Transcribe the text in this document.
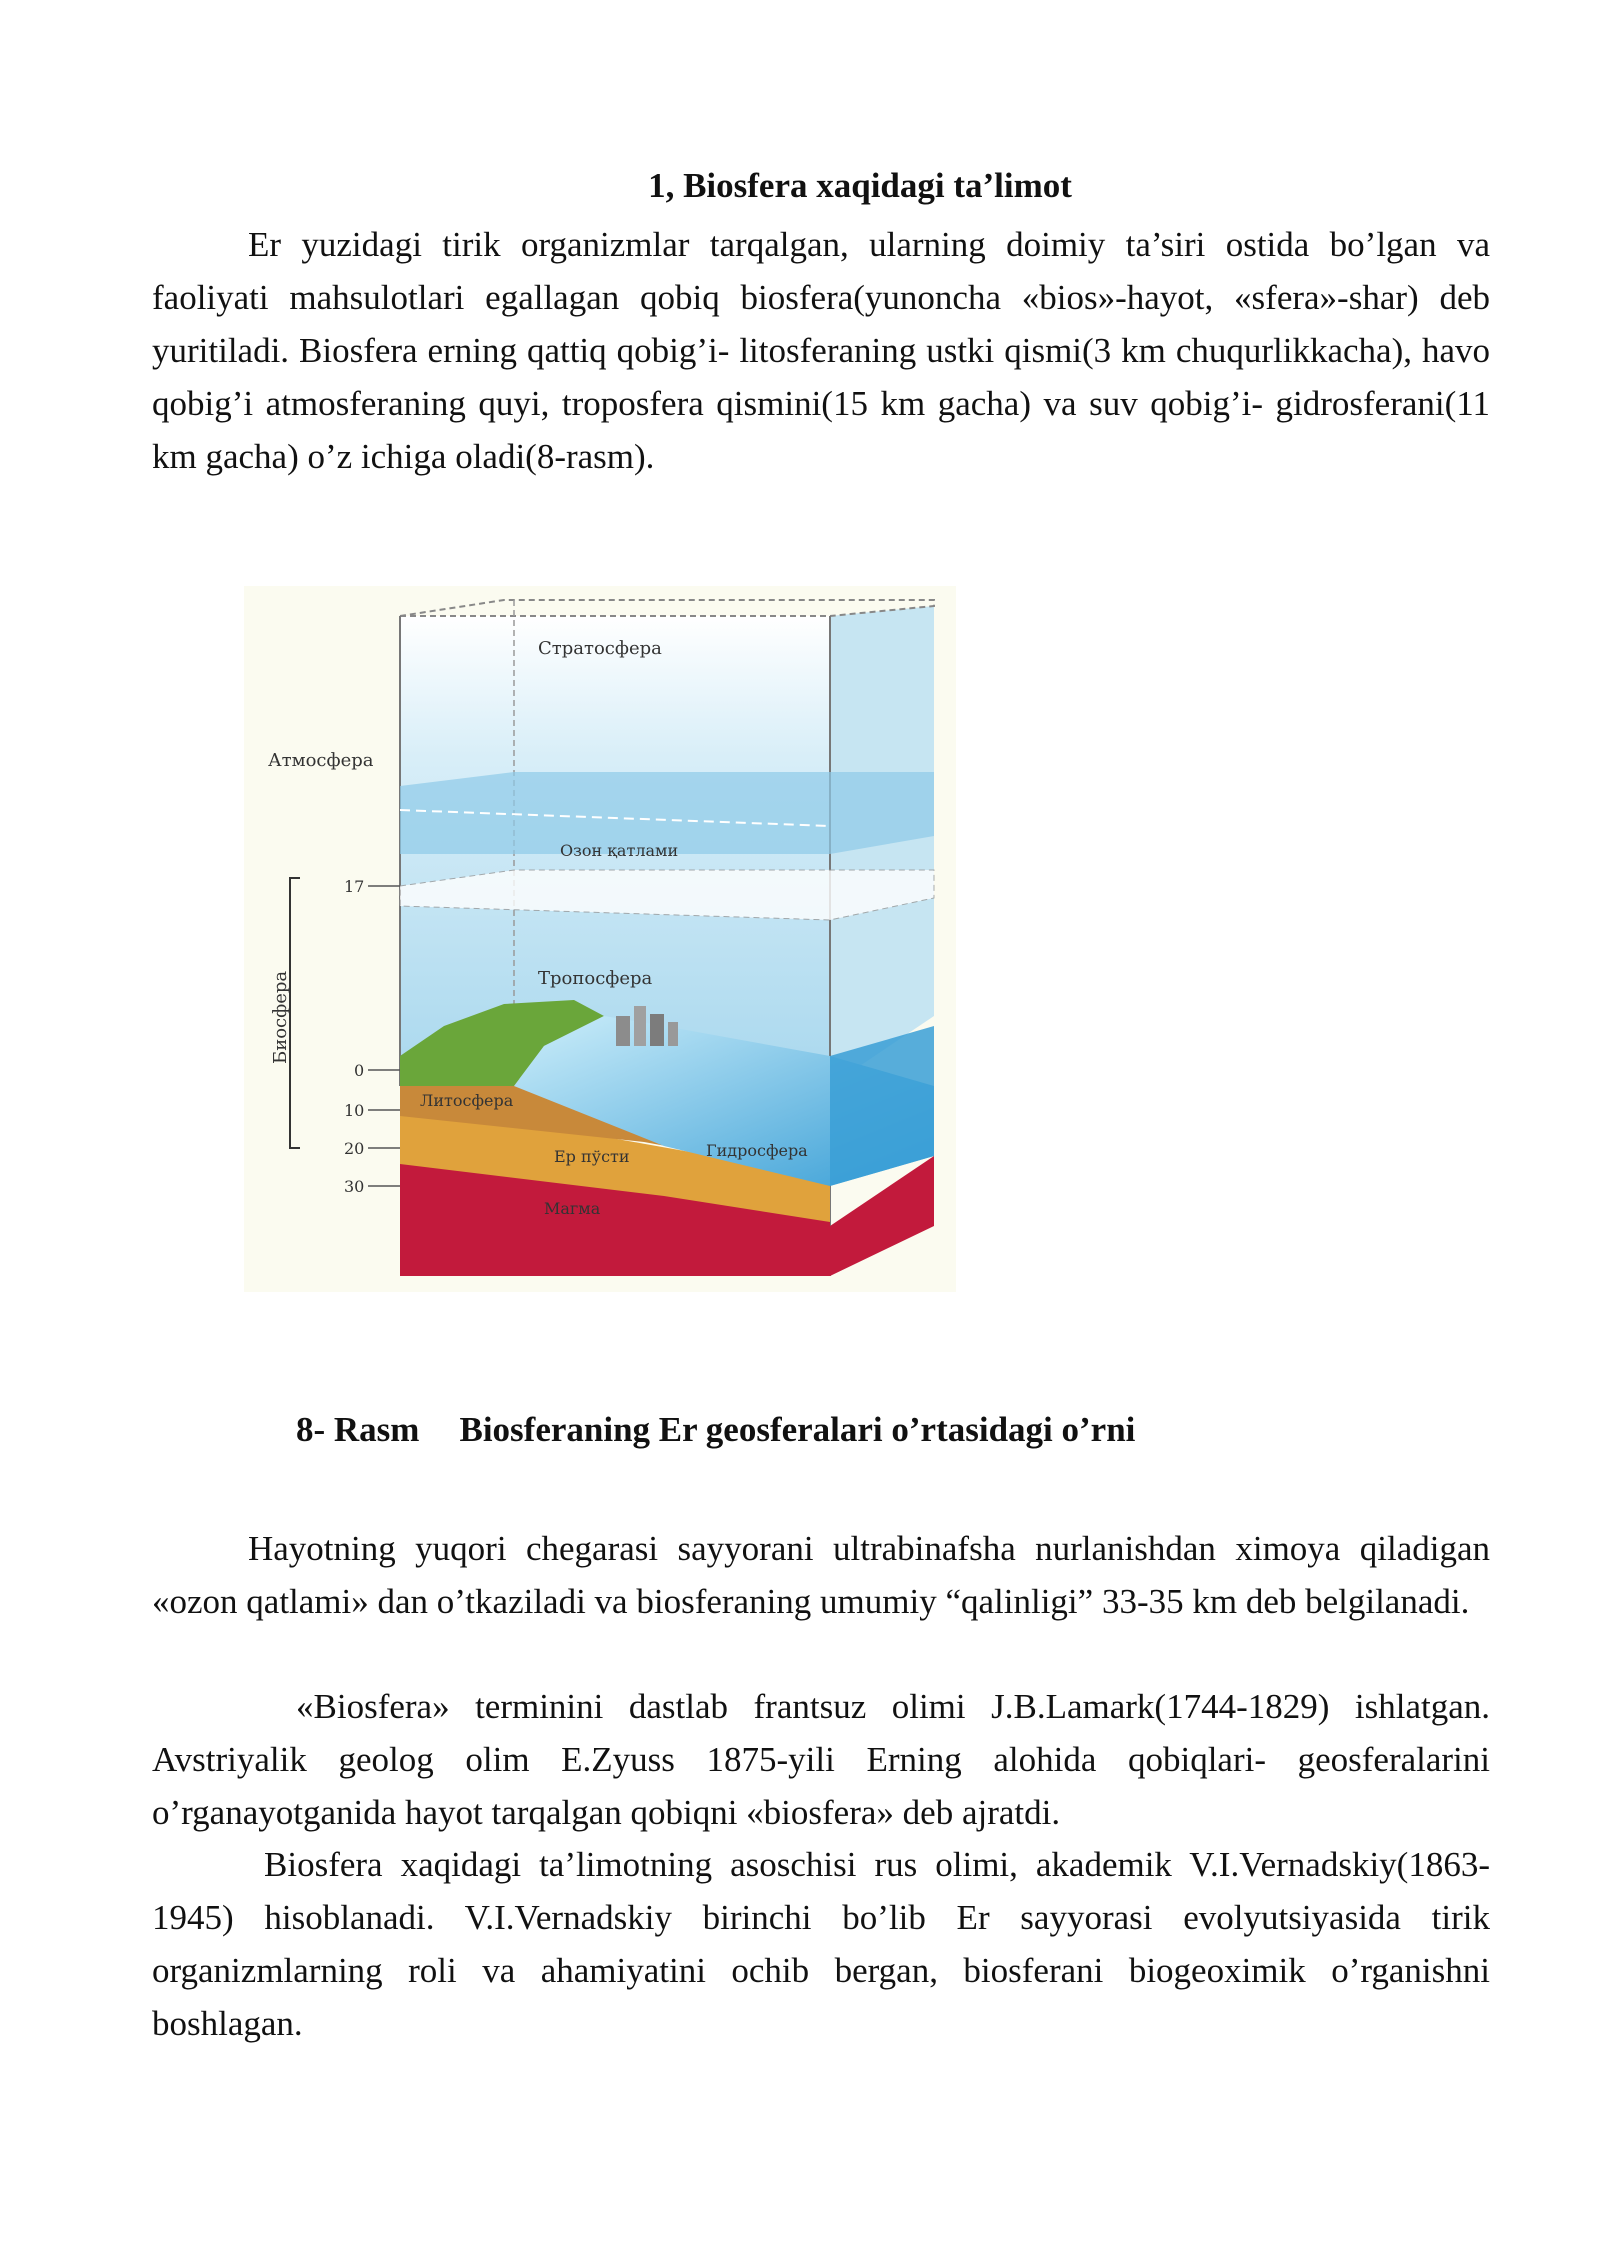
1, Biosfera xaqidagi ta’limot
Er yuzidagi tirik organizmlar tarqalgan, ularning doimiy ta’siri ostida bo’lgan va faoliyati mahsulotlari egallagan qobiq biosfera(yunoncha «bios»-hayot, «sfera»-shar) deb yuritiladi. Biosfera erning qattiq qobig’i- litosferaning ustki qismi(3 km chuqurlikkacha), havo qobig’i atmosferaning quyi, troposfera qismini(15 km gacha) va suv qobig’i- gidrosferani(11 km gacha) o’z ichiga oladi(8-rasm).
Стратосфера
Атмосфера
Озон қатлами
Тропосфера
Биосфера
Литосфера
Ер пўсти	Гидросфера
Магма
17
0
10
20
30
8- Rasm Biosferaning Er geosferalari o’rtasidagi o’rni
Hayotning yuqori chegarasi sayyorani ultrabinafsha nurlanishdan ximoya qiladigan «ozon qatlami» dan o’tkaziladi va biosferaning umumiy “qalinligi” 33-35 km deb belgilanadi.
«Biosfera» terminini dastlab frantsuz olimi J.B.Lamark(1744-1829) ishlatgan. Avstriyalik geolog olim E.Zyuss 1875-yili Erning alohida qobiqlari- geosferalarini o’rganayotganida hayot tarqalgan qobiqni «biosfera» deb ajratdi.
Biosfera xaqidagi ta’limotning asoschisi rus olimi, akademik V.I.Vernadskiy(1863-1945) hisoblanadi. V.I.Vernadskiy birinchi bo’lib Er sayyorasi evolyutsiyasida tirik organizmlarning roli va ahamiyatini ochib bergan, biosferani biogeoximik o’rganishni boshlagan.
